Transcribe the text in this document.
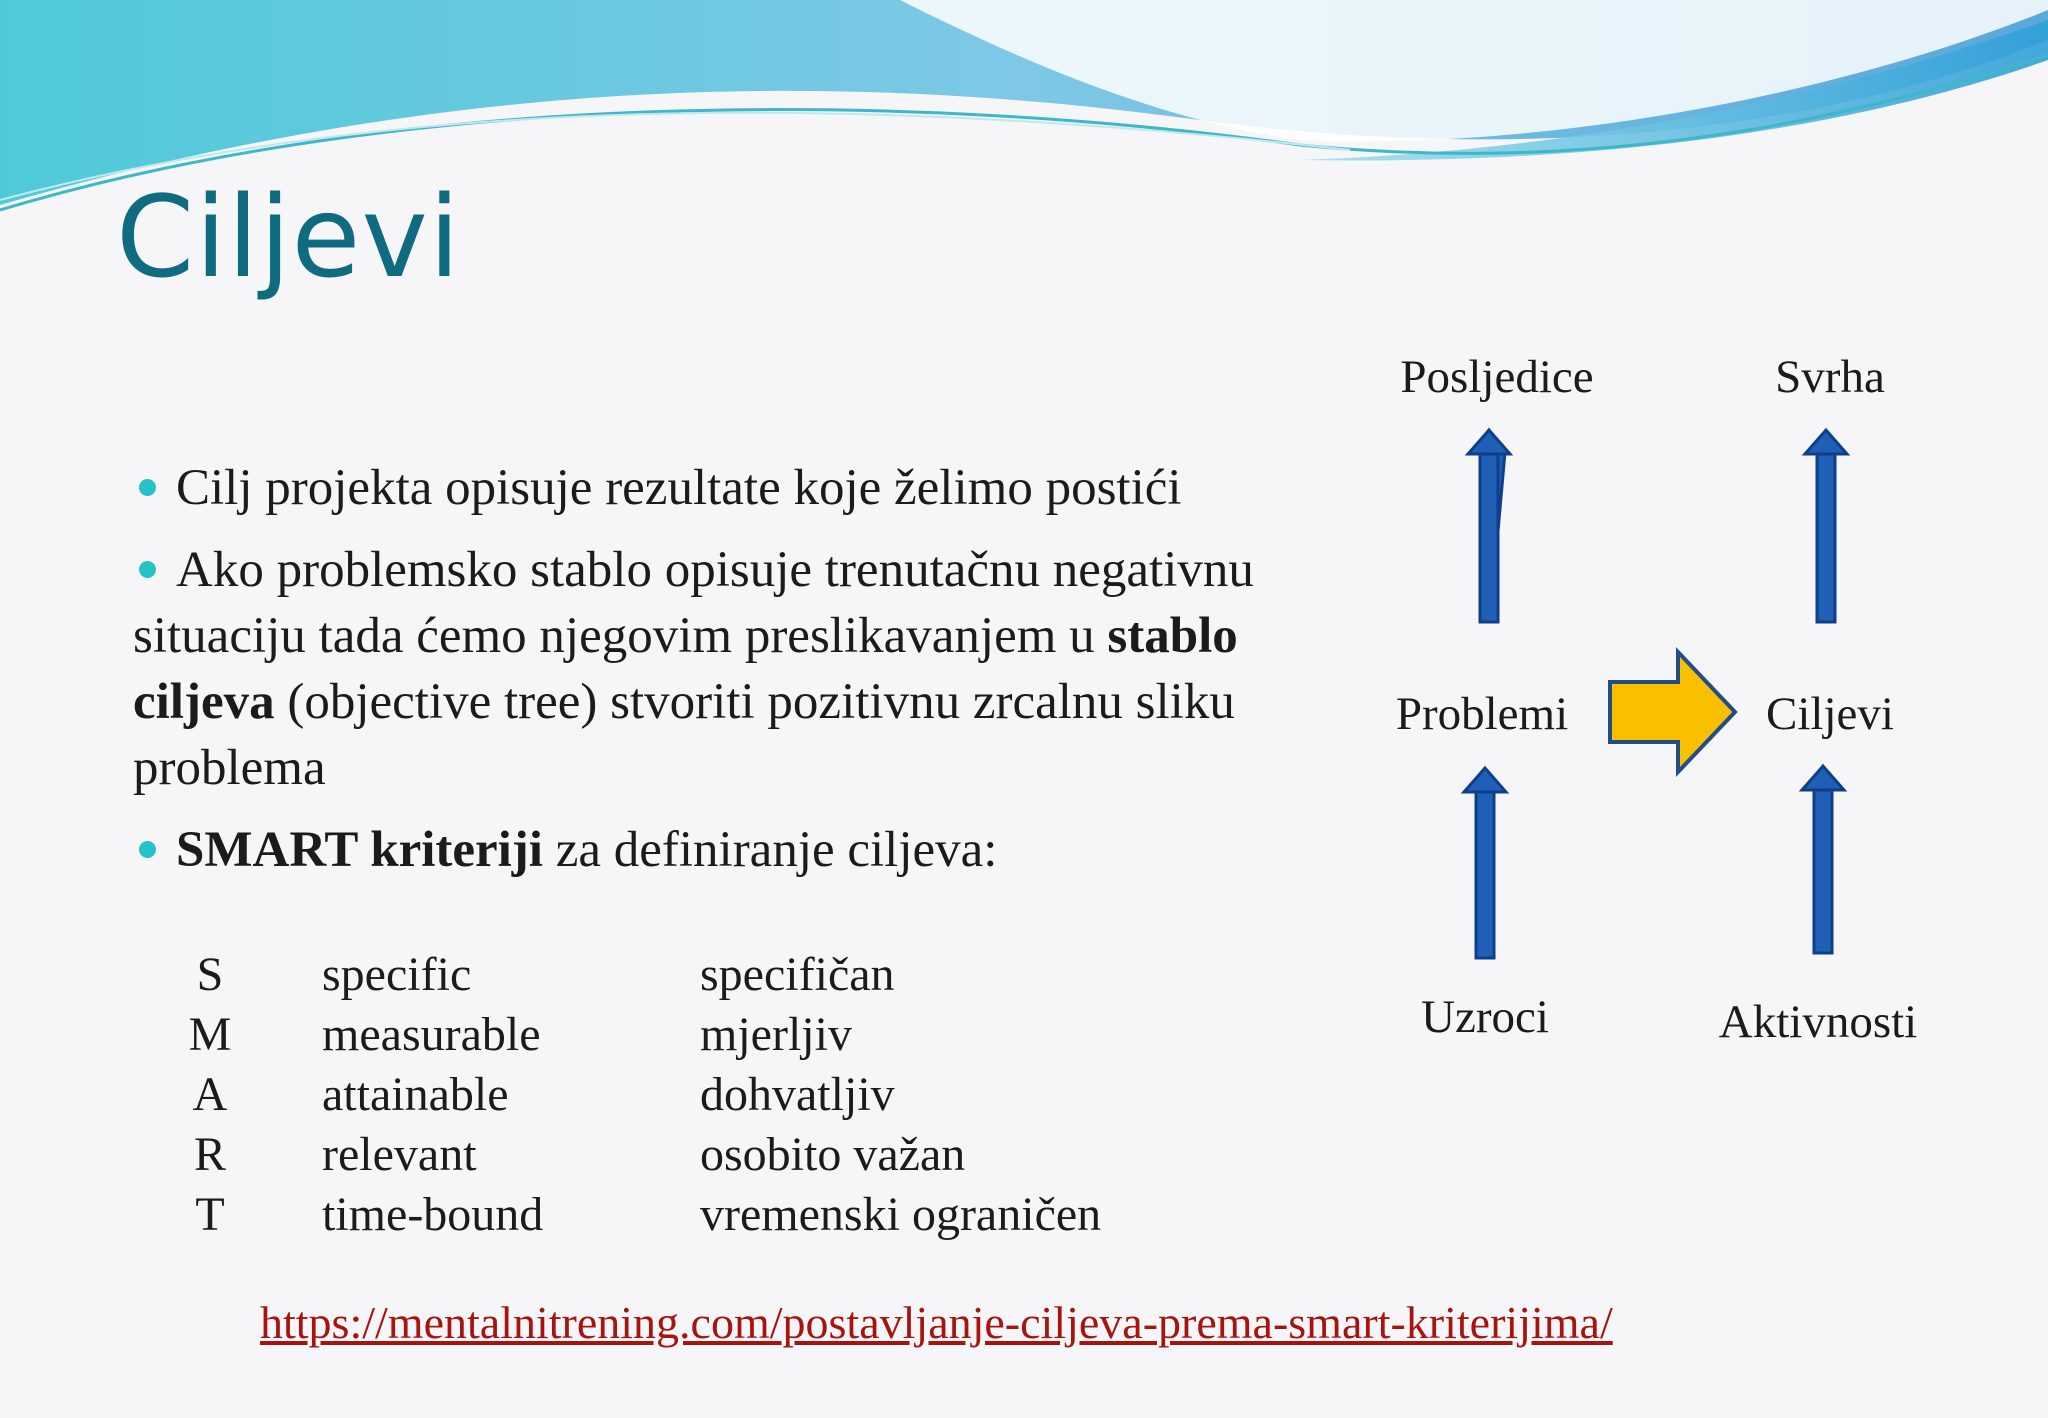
Ciljevi

Cilj projekta opisuje rezultate koje želimo postići

Ako problemsko stablo opisuje trenutačnu negativnu situaciju tada ćemo njegovim preslikavanjem u stablo ciljeva (objective tree) stvoriti pozitivnu zrcalnu sliku problema

SMART kriteriji za definiranje ciljeva:

S	specific	specifičan
M measurable	mjerljiv
A attainable	dohvatljiv
R relevant	osobito važan
T	time-bound	vremenski ograničen
Posljedice	Svrha
Problemi	Ciljevi
Uzroci	Aktivnosti
https://mentalnitrening.com/postavljanje-ciljeva-prema-smart-kriterijima/
